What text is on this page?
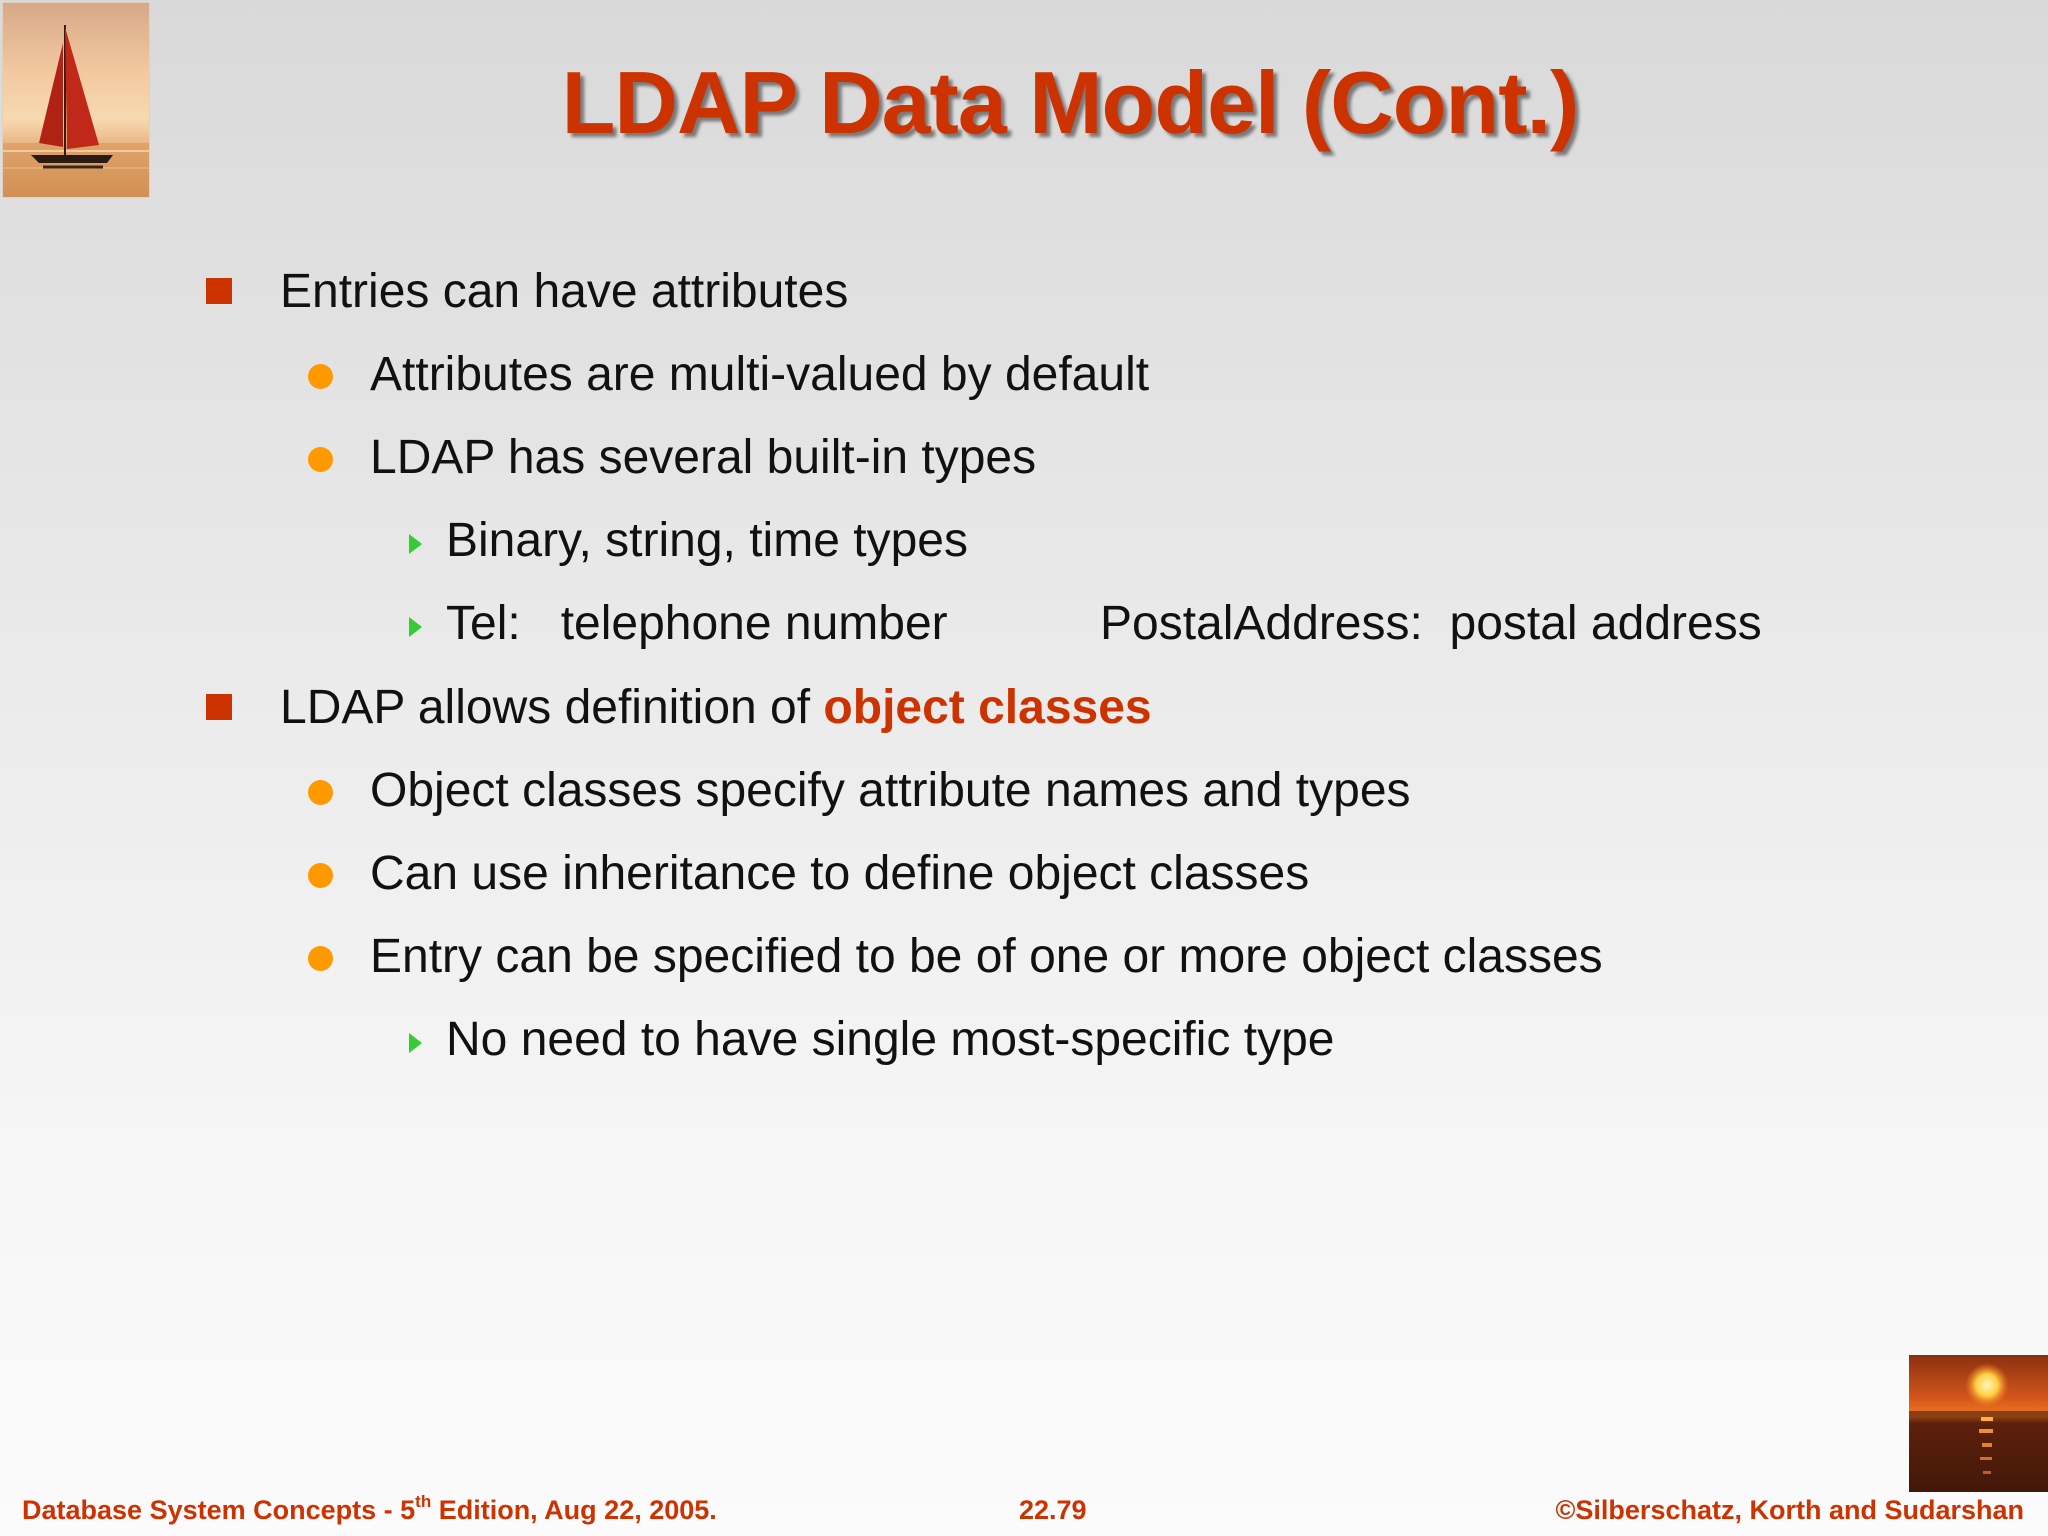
LDAP Data Model (Cont.)
Entries can have attributes
Attributes are multi-valued by default
LDAP has several built-in types
Binary, string, time types
Tel:   telephone number	PostalAddress:  postal address
LDAP allows definition of object classes
Object classes specify attribute names and types
Can use inheritance to define object classes
Entry can be specified to be of one or more object classes
No need to have single most-specific type
Database System Concepts - 5th Edition, Aug 22, 2005.	22.79	©Silberschatz, Korth and Sudarshan
